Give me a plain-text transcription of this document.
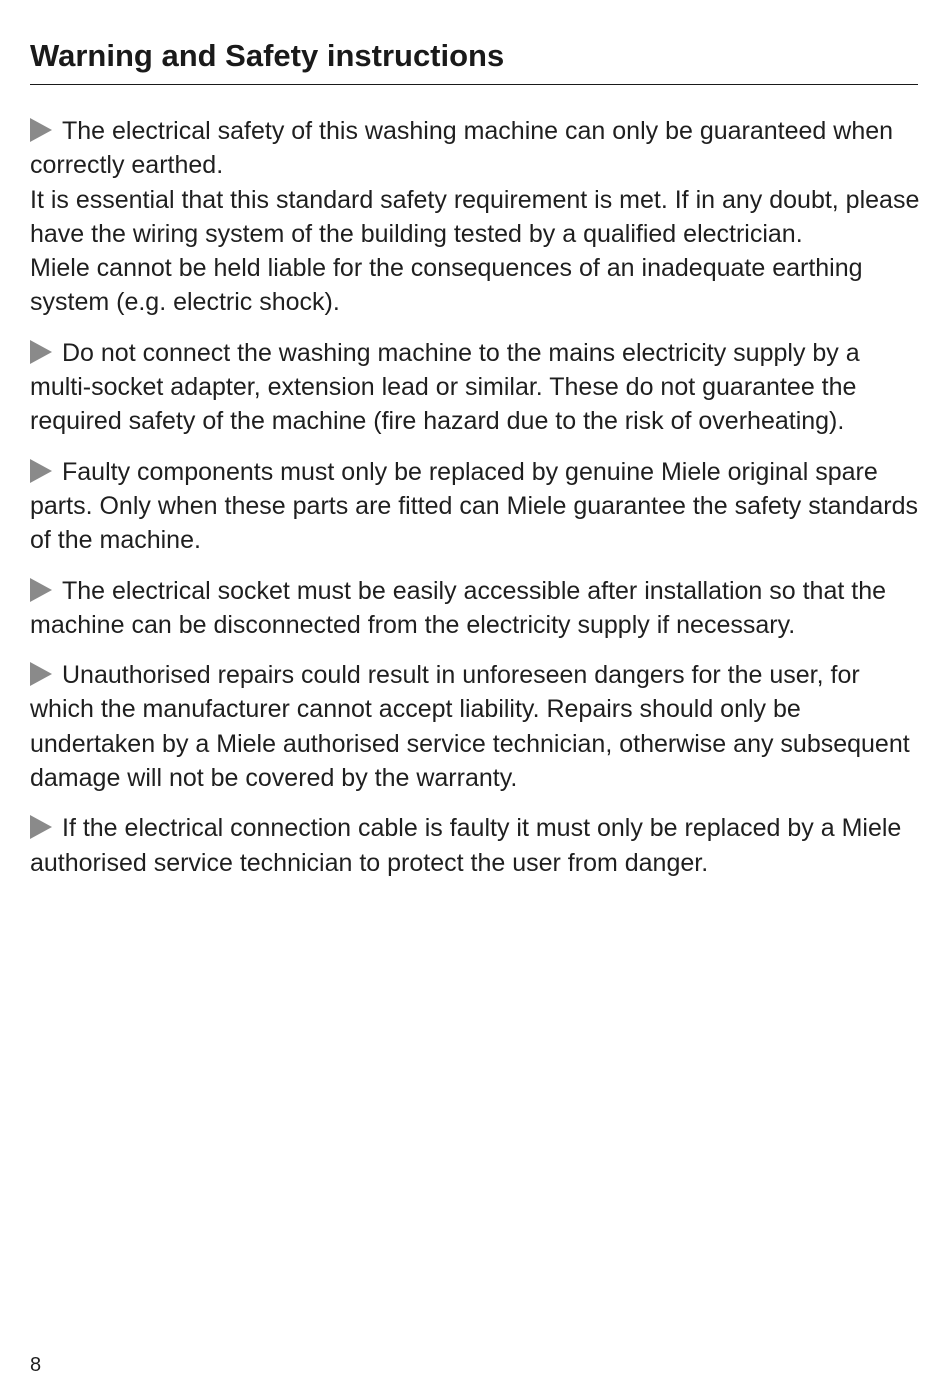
Warning and Safety instructions

The electrical safety of this washing machine can only be guaranteed when correctly earthed.

It is essential that this standard safety requirement is met. If in any doubt, please have the wiring system of the building tested by a qualified electrician.

Miele cannot be held liable for the consequences of an inadequate earthing system (e.g. electric shock).

Do not connect the washing machine to the mains electricity supply by a multi-socket adapter, extension lead or similar. These do not guarantee the required safety of the machine (fire hazard due to the risk of overheating).

Faulty components must only be replaced by genuine Miele original spare parts. Only when these parts are fitted can Miele guarantee the safety standards of the machine.

The electrical socket must be easily accessible after installation so that the machine can be disconnected from the electricity supply if necessary.

Unauthorised repairs could result in unforeseen dangers for the user, for which the manufacturer cannot accept liability. Repairs should only be undertaken by a Miele authorised service technician, otherwise any subsequent damage will not be covered by the warranty.

If the electrical connection cable is faulty it must only be replaced by a Miele authorised service technician to protect the user from danger.

8
